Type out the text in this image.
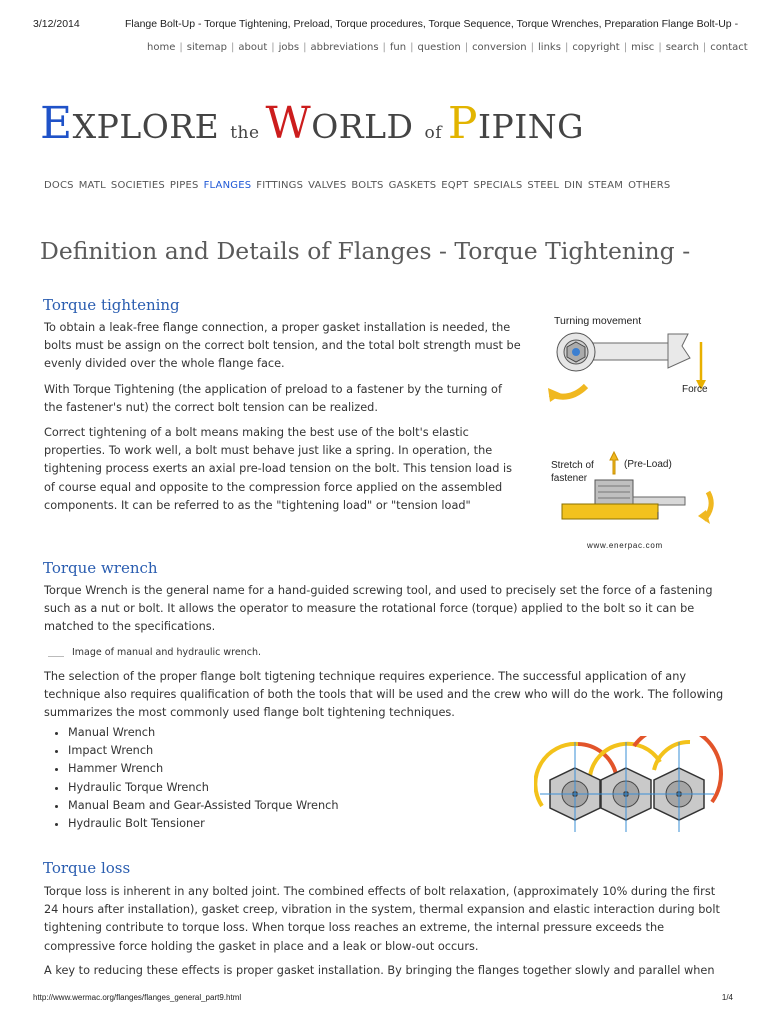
3/12/2014	Flange Bolt-Up - Torque Tightening, Preload, Torque procedures, Torque Sequence, Torque Wrenches, Preparation Flange Bolt-Up -
home | sitemap | about | jobs | abbreviations | fun | question | conversion | links | copyright | misc | search | contact
EXPLORE the WORLD of PIPING
DOCS MATL SOCIETIES PIPES FLANGES FITTINGS VALVES BOLTS GASKETS EQPT SPECIALS STEEL DIN STEAM OTHERS
Definition and Details of Flanges - Torque Tightening -
Torque tightening

To obtain a leak-free flange connection, a proper gasket installation is needed, the bolts must be assign on the correct bolt tension, and the total bolt strength must be evenly divided over the whole flange face.

With Torque Tightening (the application of preload to a fastener by the turning of the fastener's nut) the correct bolt tension can be realized.

Correct tightening of a bolt means making the best use of the bolt's elastic properties. To work well, a bolt must behave just like a spring. In operation, the tightening process exerts an axial pre-load tension on the bolt. This tension load is of course equal and opposite to the compression force applied on the assembled components. It can be referred to as the "tightening load" or "tension load"

Turning movement
Force
Stretch of
fastener
(Pre-Load)
www.enerpac.com
Torque wrench

Torque Wrench is the general name for a hand-guided screwing tool, and used to precisely set the force of a fastening such as a nut or bolt. It allows the operator to measure the rotational force (torque) applied to the bolt so it can be matched to the specifications.

Image of manual and hydraulic wrench.

The selection of the proper flange bolt tigtening technique requires experience. The successful application of any technique also requires qualification of both the tools that will be used and the crew who will do the work. The following summarizes the most commonly used flange bolt tightening techniques.

• Manual Wrench
• Impact Wrench
• Hammer Wrench
• Hydraulic Torque Wrench
• Manual Beam and Gear-Assisted Torque Wrench
• Hydraulic Bolt Tensioner
Torque loss

Torque loss is inherent in any bolted joint. The combined effects of bolt relaxation, (approximately 10% during the first 24 hours after installation), gasket creep, vibration in the system, thermal expansion and elastic interaction during bolt tightening contribute to torque loss. When torque loss reaches an extreme, the internal pressure exceeds the compressive force holding the gasket in place and a leak or blow-out occurs.

A key to reducing these effects is proper gasket installation. By bringing the flanges together slowly and parallel when

http://www.wermac.org/flanges/flanges_general_part9.html	1/4
